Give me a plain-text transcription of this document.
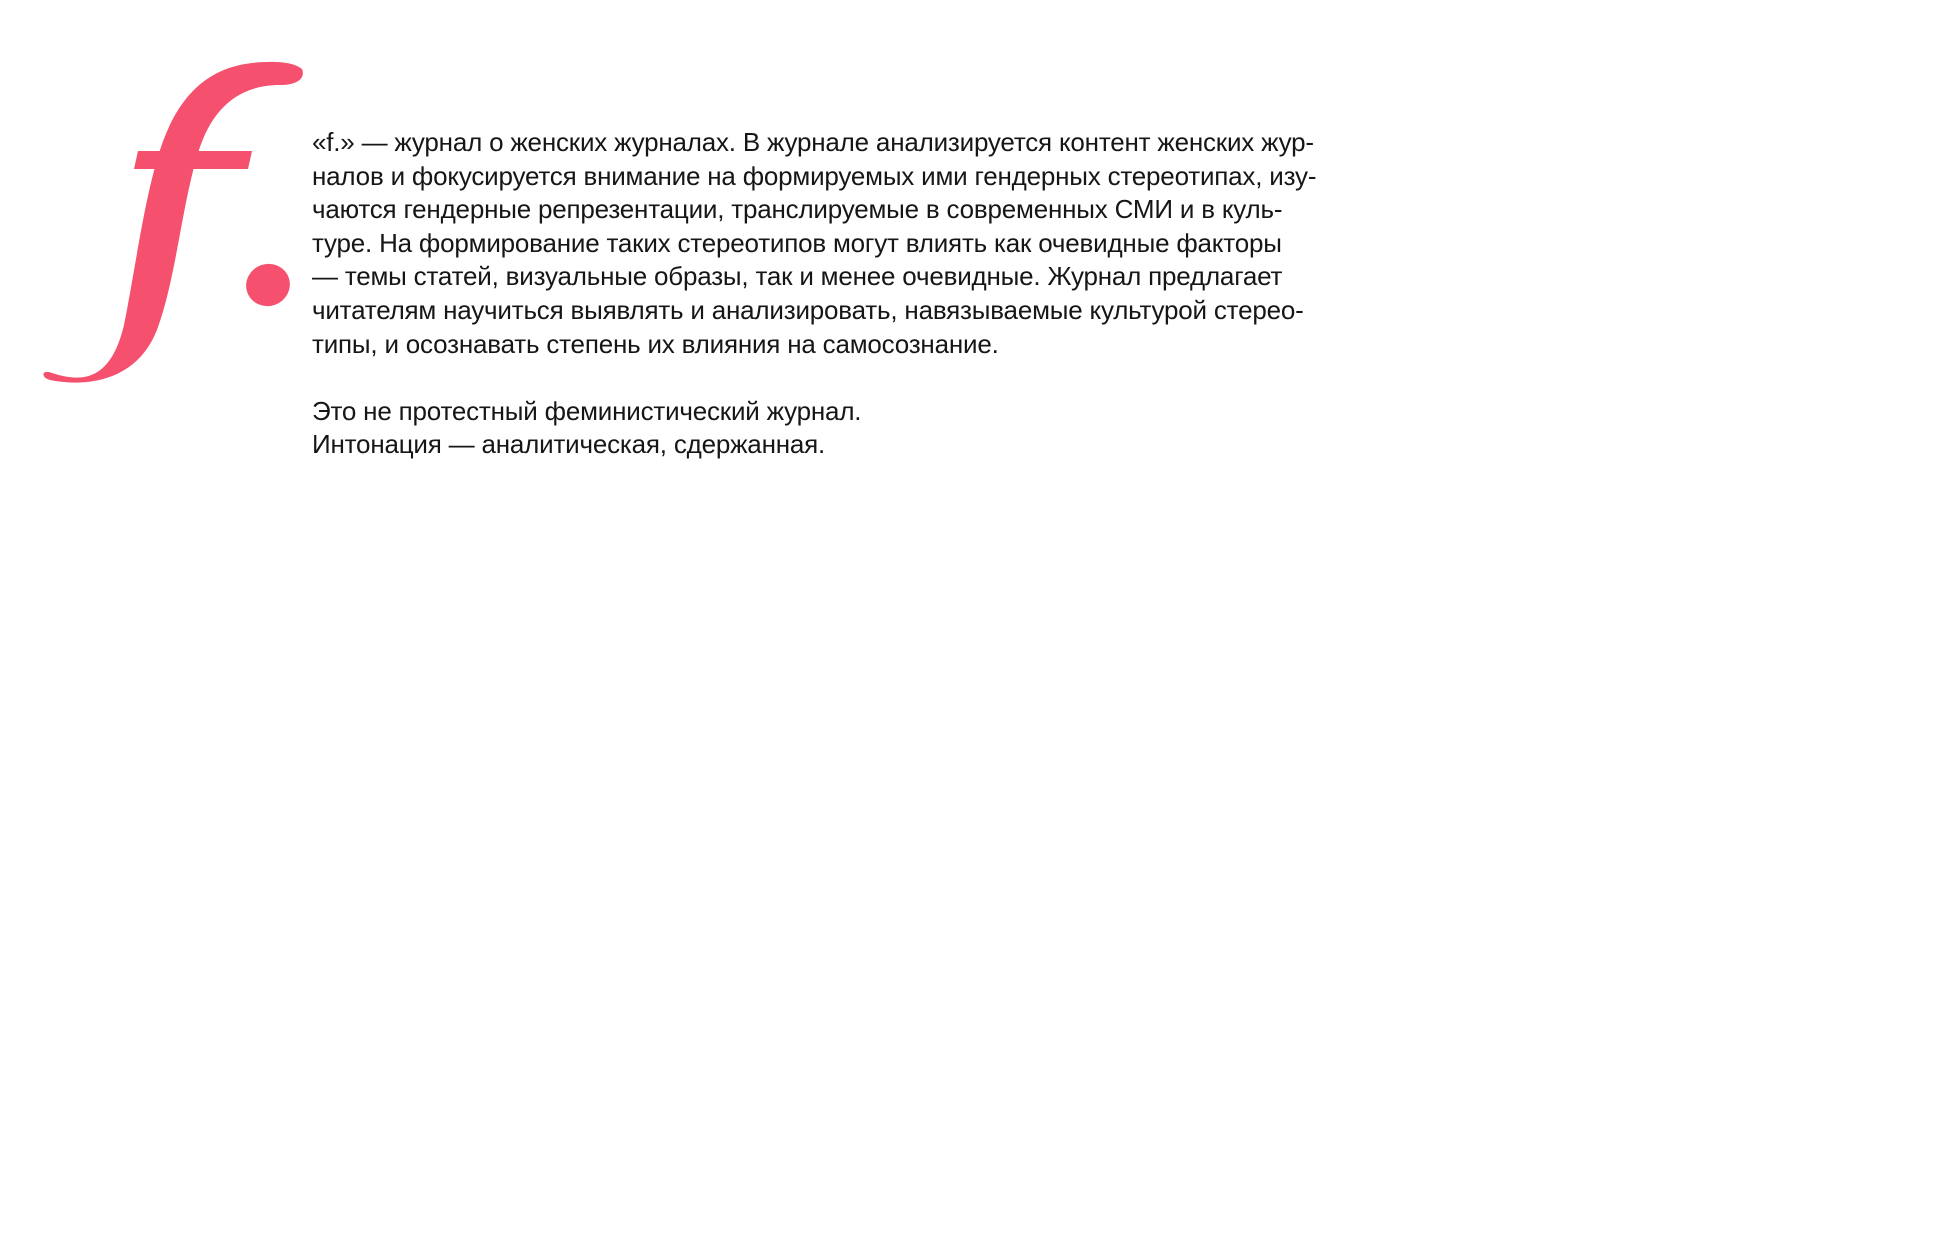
«f.» — журнал о женских журналах. В журнале анализируется контент женских жур-
налов и фокусируется внимание на формируемых ими гендерных стереотипах, изу-
чаются гендерные репрезентации, транслируемые в современных СМИ и в куль-
туре. На формирование таких стереотипов могут влиять как очевидные факторы
— темы статей, визуальные образы, так и менее очевидные. Журнал предлагает
читателям научиться выявлять и анализировать, навязываемые культурой стерео-
типы, и осознавать степень их влияния на самосознание.

Это не протестный феминистический журнал.
Интонация — аналитическая, сдержанная.
